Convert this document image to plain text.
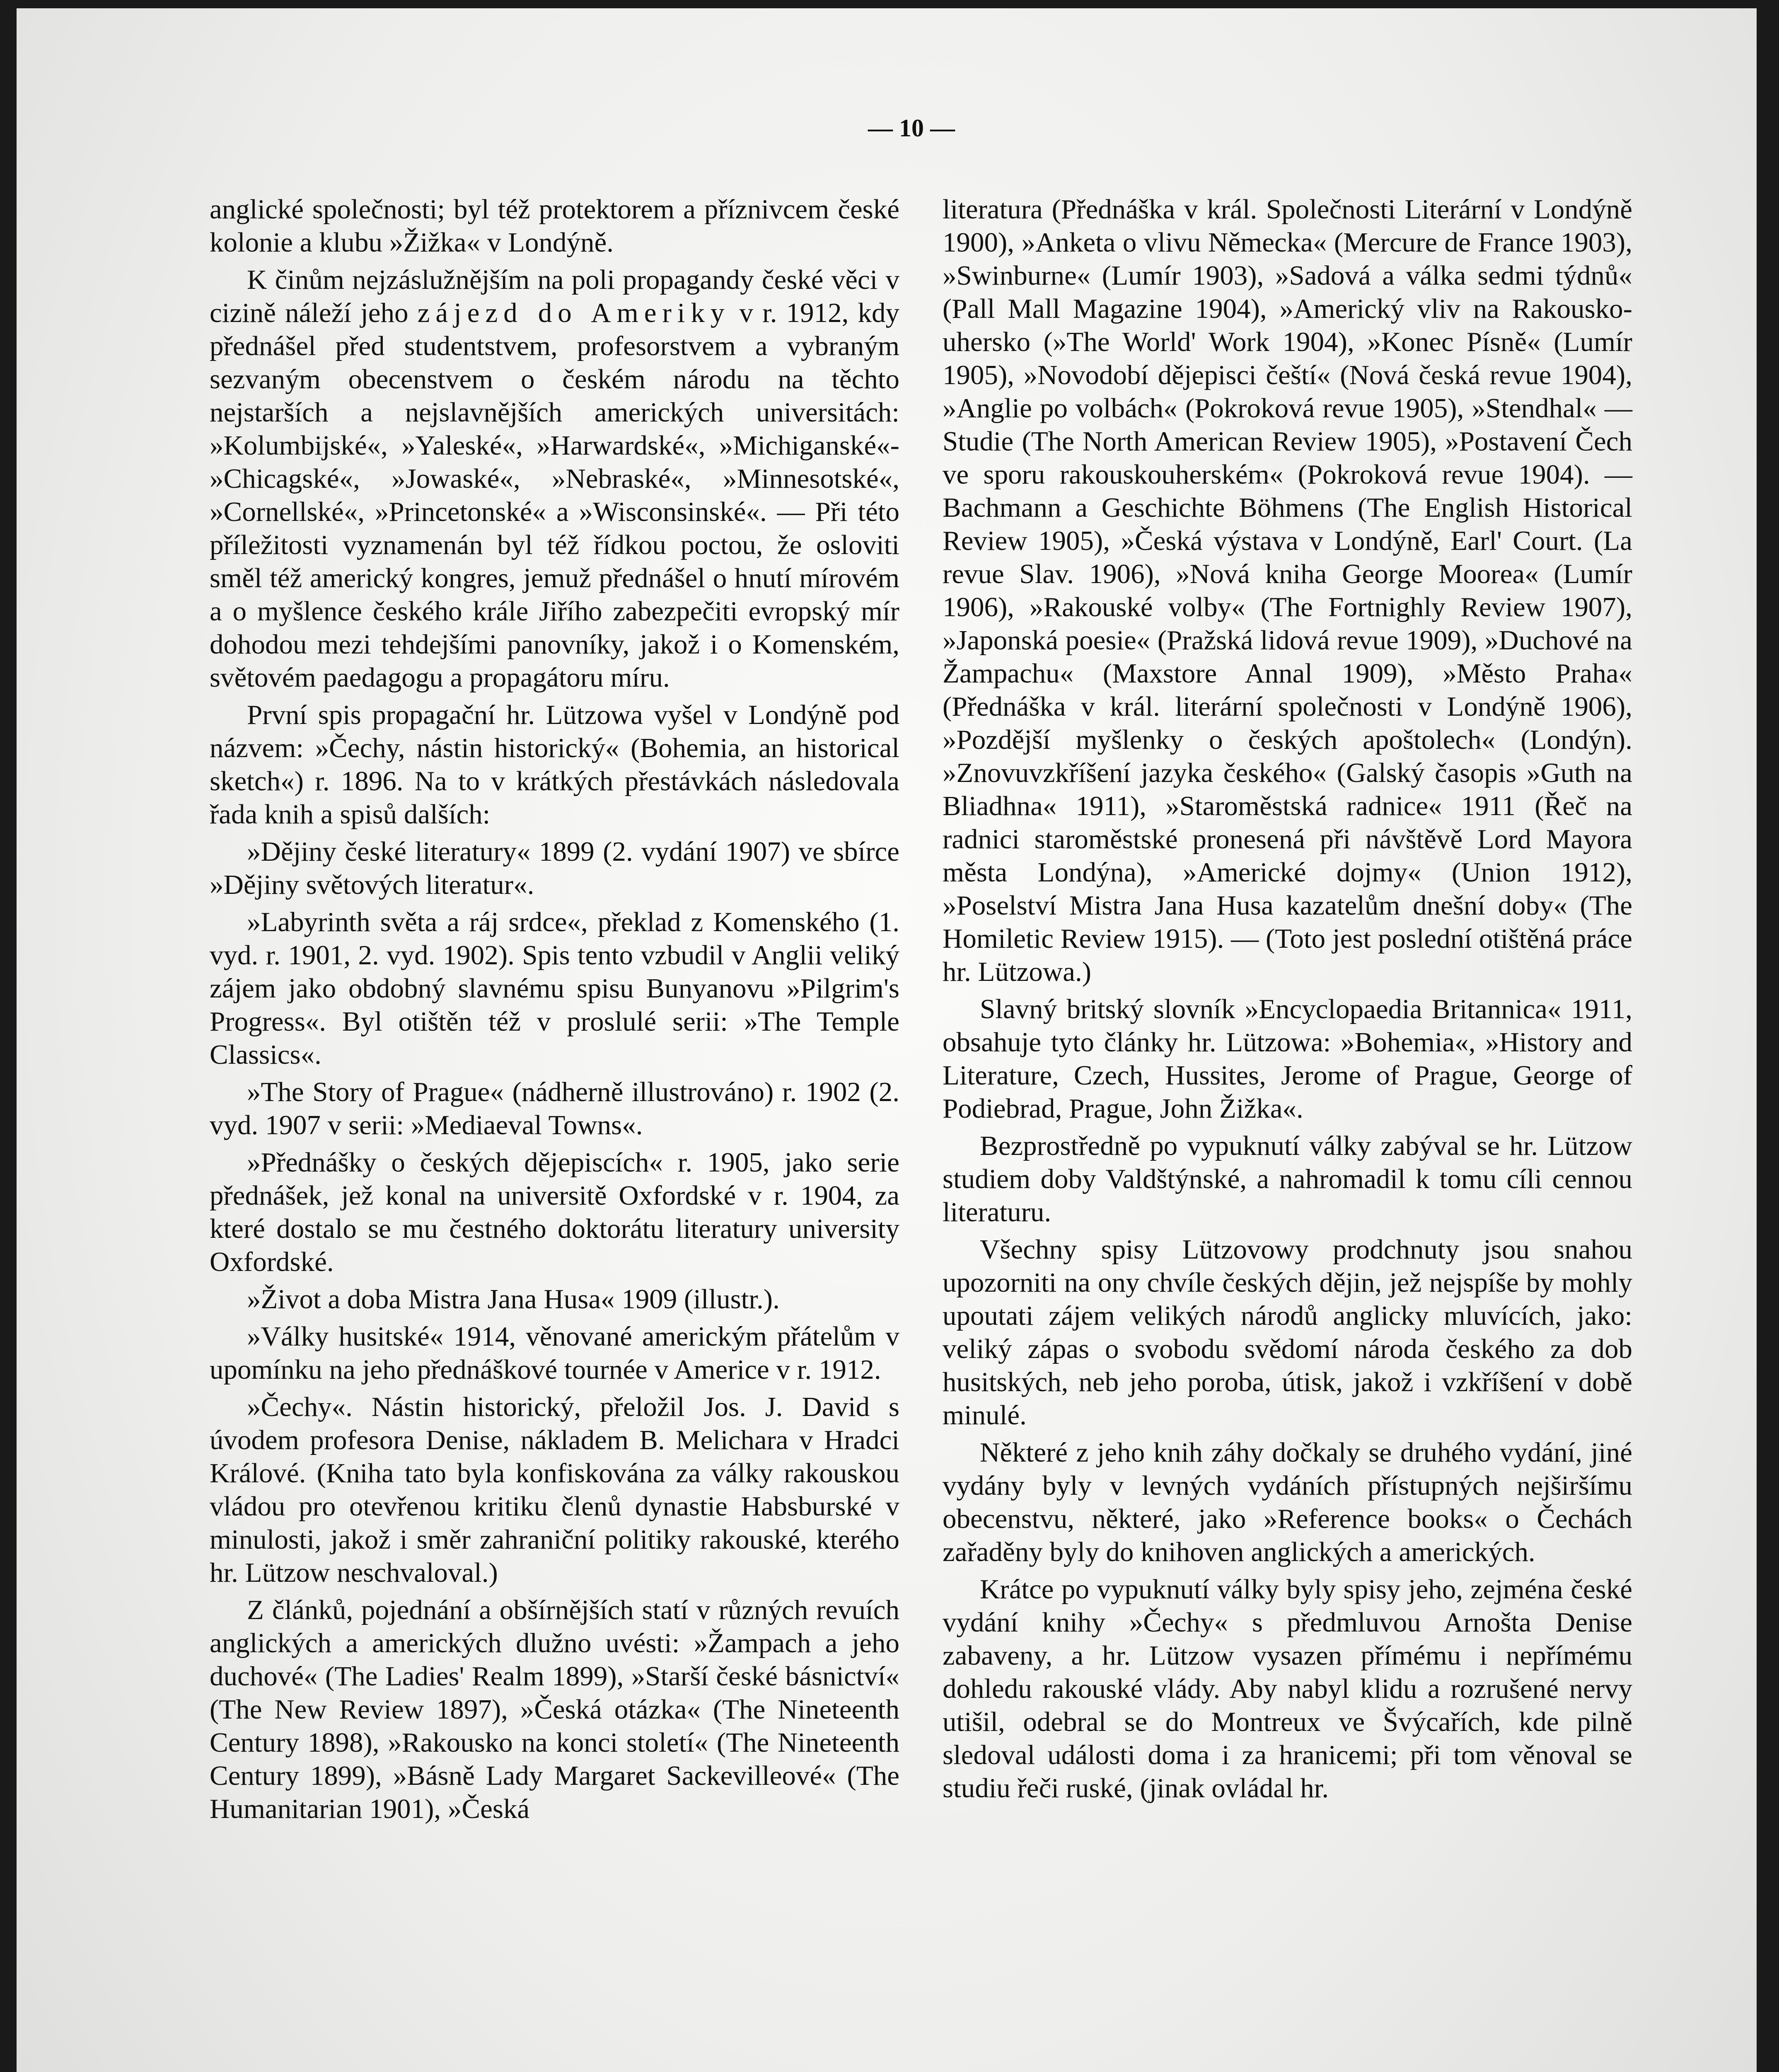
— 10 —

anglické společnosti; byl též protektorem a příznivcem české kolonie a klubu »Žižka« v Londýně.

K činům nejzáslužnějším na poli propagandy české věci v cizině náleží jeho zájezd do Ameriky v r. 1912, kdy přednášel před studentstvem, profesorstvem a vybraným sezvaným obecenstvem o českém národu na těchto nejstarších a nejslavnějších amerických universitách: »Kolumbijské«, »Yaleské«, »Harwardské«, »Michiganské«- »Chicagské«, »Jowaské«, »Nebraské«, »Minnesotské«, »Cornellské«, »Princetonské« a »Wisconsinské«. — Při této příležitosti vyznamenán byl též řídkou poctou, že osloviti směl též americký kongres, jemuž přednášel o hnutí mírovém a o myšlence českého krále Jiřího zabezpečiti evropský mír dohodou mezi tehdejšími panovníky, jakož i o Komenském, světovém paedagogu a propagátoru míru.

První spis propagační hr. Lützowa vyšel v Londýně pod názvem: »Čechy, nástin historický« (Bohemia, an historical sketch«) r. 1896. Na to v krátkých přestávkách následovala řada knih a spisů dalších:

»Dějiny české literatury« 1899 (2. vydání 1907) ve sbírce »Dějiny světových literatur«.

»Labyrinth světa a ráj srdce«, překlad z Komenského (1. vyd. r. 1901, 2. vyd. 1902). Spis tento vzbudil v Anglii veliký zájem jako obdobný slavnému spisu Bunyanovu »Pilgrim's Progress«. Byl otištěn též v proslulé serii: »The Temple Classics«.

»The Story of Prague« (nádherně illustrováno) r. 1902 (2. vyd. 1907 v serii: »Mediaeval Towns«.

»Přednášky o českých dějepiscích« r. 1905, jako serie přednášek, jež konal na universitě Oxfordské v r. 1904, za které dostalo se mu čestného doktorátu literatury university Oxfordské.

»Život a doba Mistra Jana Husa« 1909 (illustr.).

»Války husitské« 1914, věnované americkým přátelům v upomínku na jeho přednáškové tournée v Americe v r. 1912.

»Čechy«. Nástin historický, přeložil Jos. J. David s úvodem profesora Denise, nákladem B. Melichara v Hradci Králové. (Kniha tato byla konfiskována za války rakouskou vládou pro otevřenou kritiku členů dynastie Habsburské v minulosti, jakož i směr zahraniční politiky rakouské, kterého hr. Lützow neschvaloval.)

Z článků, pojednání a obšírnějších statí v různých revuích anglických a amerických dlužno uvésti: »Žampach a jeho duchové« (The Ladies' Realm 1899), »Starší české básnictví« (The New Review 1897), »Česká otázka« (The Nineteenth Century 1898), »Rakousko na konci století« (The Nineteenth Century 1899), »Básně Lady Margaret Sackevilleové« (The Humanitarian 1901), »Česká

literatura (Přednáška v král. Společnosti Literární v Londýně 1900), »Anketa o vlivu Německa« (Mercure de France 1903), »Swinburne« (Lumír 1903), »Sadová a válka sedmi týdnů« (Pall Mall Magazine 1904), »Americký vliv na Rakousko-uhersko (»The World' Work 1904), »Konec Písně« (Lumír 1905), »Novodobí dějepisci čeští« (Nová česká revue 1904), »Anglie po volbách« (Pokroková revue 1905), »Stendhal« — Studie (The North American Review 1905), »Postavení Čech ve sporu rakouskouherském« (Pokroková revue 1904). — Bachmann a Geschichte Böhmens (The English Historical Review 1905), »Česká výstava v Londýně, Earl' Court. (La revue Slav. 1906), »Nová kniha George Moorea« (Lumír 1906), »Rakouské volby« (The Fortnighly Review 1907), »Japonská poesie« (Pražská lidová revue 1909), »Duchové na Žampachu« (Maxstore Annal 1909), »Město Praha« (Přednáška v král. literární společnosti v Londýně 1906), »Pozdější myšlenky o českých apoštolech« (Londýn). »Znovuvzkříšení jazyka českého« (Galský časopis »Guth na Bliadhna« 1911), »Staroměstská radnice« 1911 (Řeč na radnici staroměstské pronesená při návštěvě Lord Mayora města Londýna), »Americké dojmy« (Union 1912), »Poselství Mistra Jana Husa kazatelům dnešní doby« (The Homiletic Review 1915). — (Toto jest poslední otištěná práce hr. Lützowa.)

Slavný britský slovník »Encyclopaedia Britannica« 1911, obsahuje tyto články hr. Lützowa: »Bohemia«, »History and Literature, Czech, Hussites, Jerome of Prague, George of Podiebrad, Prague, John Žižka«.

Bezprostředně po vypuknutí války zabýval se hr. Lützow studiem doby Valdštýnské, a nahromadil k tomu cíli cennou literaturu.

Všechny spisy Lützovowy prodchnuty jsou snahou upozorniti na ony chvíle českých dějin, jež nejspíše by mohly upoutati zájem velikých národů anglicky mluvících, jako: veliký zápas o svobodu svědomí národa českého za dob husitských, neb jeho poroba, útisk, jakož i vzkříšení v době minulé.

Některé z jeho knih záhy dočkaly se druhého vydání, jiné vydány byly v levných vydáních přístupných nejširšímu obecenstvu, některé, jako »Reference books« o Čechách zařaděny byly do knihoven anglických a amerických.

Krátce po vypuknutí války byly spisy jeho, zejména české vydání knihy »Čechy« s předmluvou Arnošta Denise zabaveny, a hr. Lützow vysazen přímému i nepřímému dohledu rakouské vlády. Aby nabyl klidu a rozrušené nervy utišil, odebral se do Montreux ve Švýcařích, kde pilně sledoval události doma i za hranicemi; při tom věnoval se studiu řeči ruské, (jinak ovládal hr.
